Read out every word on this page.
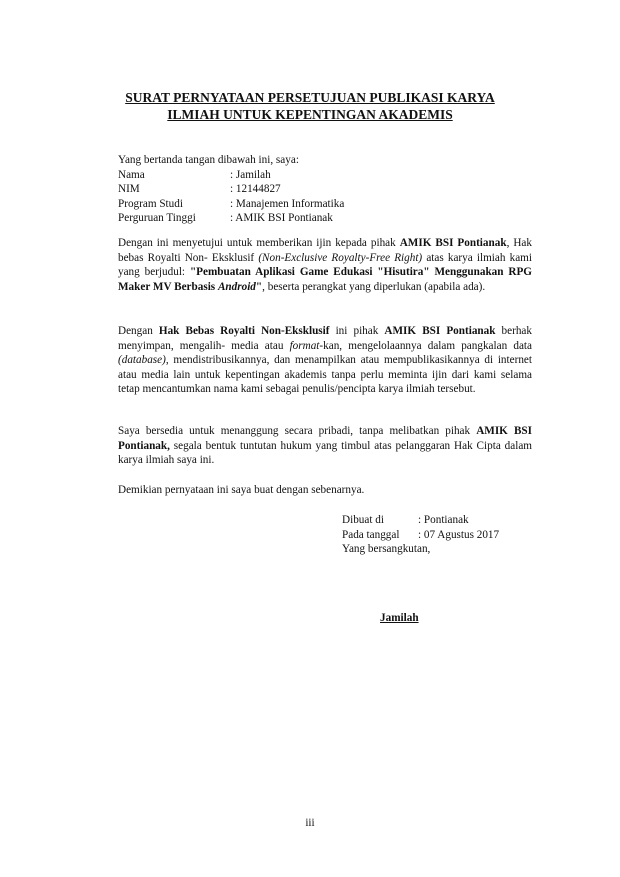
SURAT PERNYATAAN PERSETUJUAN PUBLIKASI KARYA
ILMIAH UNTUK KEPENTINGAN AKADEMIS
Yang bertanda tangan dibawah ini, saya:
Nama	: Jamilah
NIM	: 12144827
Program Studi	: Manajemen Informatika
Perguruan Tinggi	: AMIK BSI Pontianak
Dengan ini menyetujui untuk memberikan ijin kepada pihak AMIK BSI Pontianak, Hak bebas Royalti Non- Eksklusif (Non-Exclusive Royalty-Free Right) atas karya ilmiah kami yang berjudul: "Pembuatan Aplikasi Game Edukasi "Hisutira" Menggunakan RPG Maker MV Berbasis Android", beserta perangkat yang diperlukan (apabila ada).
Dengan Hak Bebas Royalti Non-Eksklusif ini pihak AMIK BSI Pontianak berhak menyimpan, mengalih- media atau format-kan, mengelolaannya dalam pangkalan data (database), mendistribusikannya, dan menampilkan atau mempublikasikannya di internet atau media lain untuk kepentingan akademis tanpa perlu meminta ijin dari kami selama tetap mencantumkan nama kami sebagai penulis/pencipta karya ilmiah tersebut.
Saya bersedia untuk menanggung secara pribadi, tanpa melibatkan pihak AMIK BSI Pontianak, segala bentuk tuntutan hukum yang timbul atas pelanggaran Hak Cipta dalam karya ilmiah saya ini.
Demikian pernyataan ini saya buat dengan sebenarnya.
Dibuat di	: Pontianak
Pada tanggal : 07 Agustus 2017
Yang bersangkutan,
Jamilah
iii
